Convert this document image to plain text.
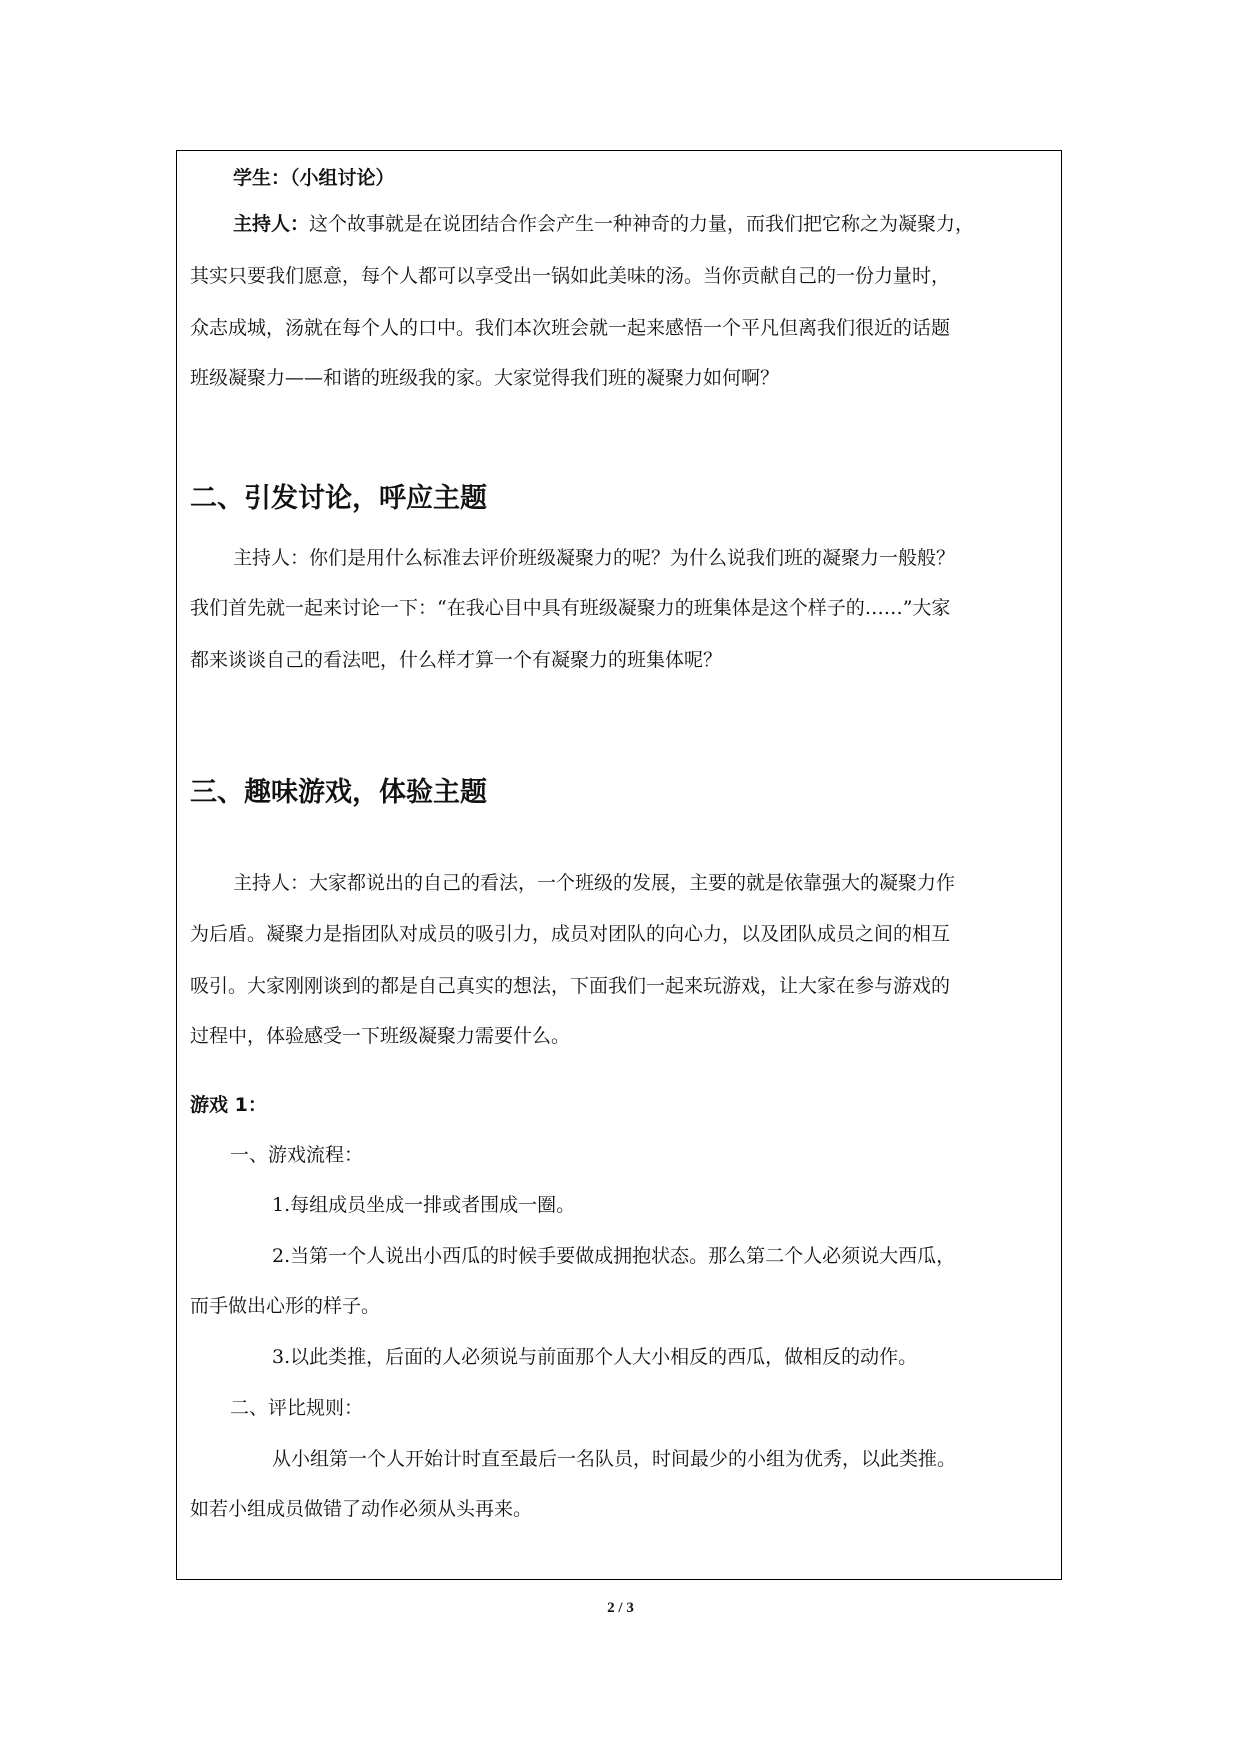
学生：（小组讨论）

主持人：这个故事就是在说团结合作会产生一种神奇的力量，而我们把它称之为凝聚力，

其实只要我们愿意，每个人都可以享受出一锅如此美味的汤。当你贡献自己的一份力量时，

众志成城，汤就在每个人的口中。我们本次班会就一起来感悟一个平凡但离我们很近的话题

班级凝聚力——和谐的班级我的家。大家觉得我们班的凝聚力如何啊？

二、引发讨论，呼应主题

主持人：你们是用什么标准去评价班级凝聚力的呢？为什么说我们班的凝聚力一般般？

我们首先就一起来讨论一下：“在我心目中具有班级凝聚力的班集体是这个样子的……”大家

都来谈谈自己的看法吧，什么样才算一个有凝聚力的班集体呢？

三、趣味游戏，体验主题

主持人：大家都说出的自己的看法，一个班级的发展，主要的就是依靠强大的凝聚力作

为后盾。凝聚力是指团队对成员的吸引力，成员对团队的向心力，以及团队成员之间的相互

吸引。大家刚刚谈到的都是自己真实的想法，下面我们一起来玩游戏，让大家在参与游戏的

过程中，体验感受一下班级凝聚力需要什么。

游戏 1：

一、游戏流程：

1.每组成员坐成一排或者围成一圈。

2.当第一个人说出小西瓜的时候手要做成拥抱状态。那么第二个人必须说大西瓜，

而手做出心形的样子。

3.以此类推，后面的人必须说与前面那个人大小相反的西瓜，做相反的动作。

二、评比规则：

从小组第一个人开始计时直至最后一名队员，时间最少的小组为优秀，以此类推。

如若小组成员做错了动作必须从头再来。

2 / 3
